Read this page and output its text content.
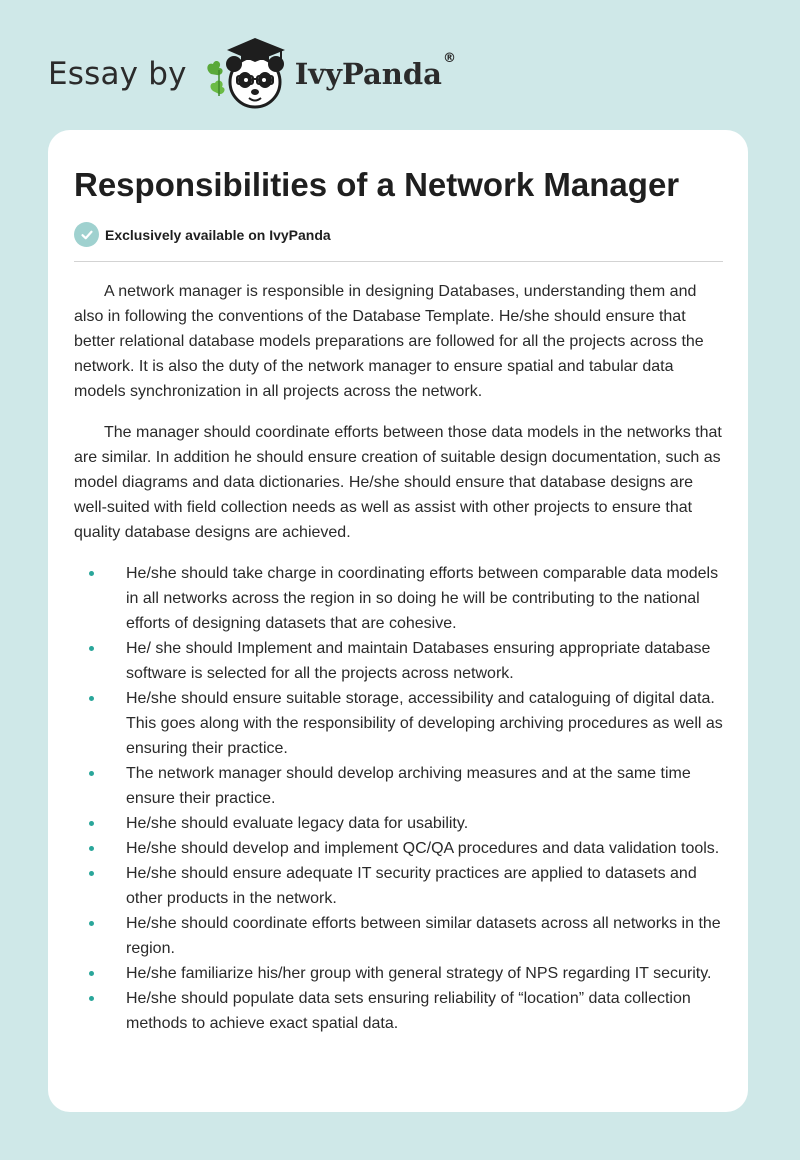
Essay by	IvyPanda®
Responsibilities of a Network Manager
Exclusively available on IvyPanda

A network manager is responsible in designing Databases, understanding them and also in following the conventions of the Database Template. He/she should ensure that better relational database models preparations are followed for all the projects across the network. It is also the duty of the network manager to ensure spatial and tabular data models synchronization in all projects across the network.

The manager should coordinate efforts between those data models in the networks that are similar. In addition he should ensure creation of suitable design documentation, such as model diagrams and data dictionaries. He/she should ensure that database designs are well-suited with field collection needs as well as assist with other projects to ensure that quality database designs are achieved.

He/she should take charge in coordinating efforts between comparable data models in all networks across the region in so doing he will be contributing to the national efforts of designing datasets that are cohesive.
He/ she should Implement and maintain Databases ensuring appropriate database software is selected for all the projects across network.
He/she should ensure suitable storage, accessibility and cataloguing of digital data. This goes along with the responsibility of developing archiving procedures as well as ensuring their practice.
The network manager should develop archiving measures and at the same time ensure their practice.
He/she should evaluate legacy data for usability.
He/she should develop and implement QC/QA procedures and data validation tools.
He/she should ensure adequate IT security practices are applied to datasets and other products in the network.
He/she should coordinate efforts between similar datasets across all networks in the region.
He/she familiarize his/her group with general strategy of NPS regarding IT security.
He/she should populate data sets ensuring reliability of “location” data collection methods to achieve exact spatial data.
